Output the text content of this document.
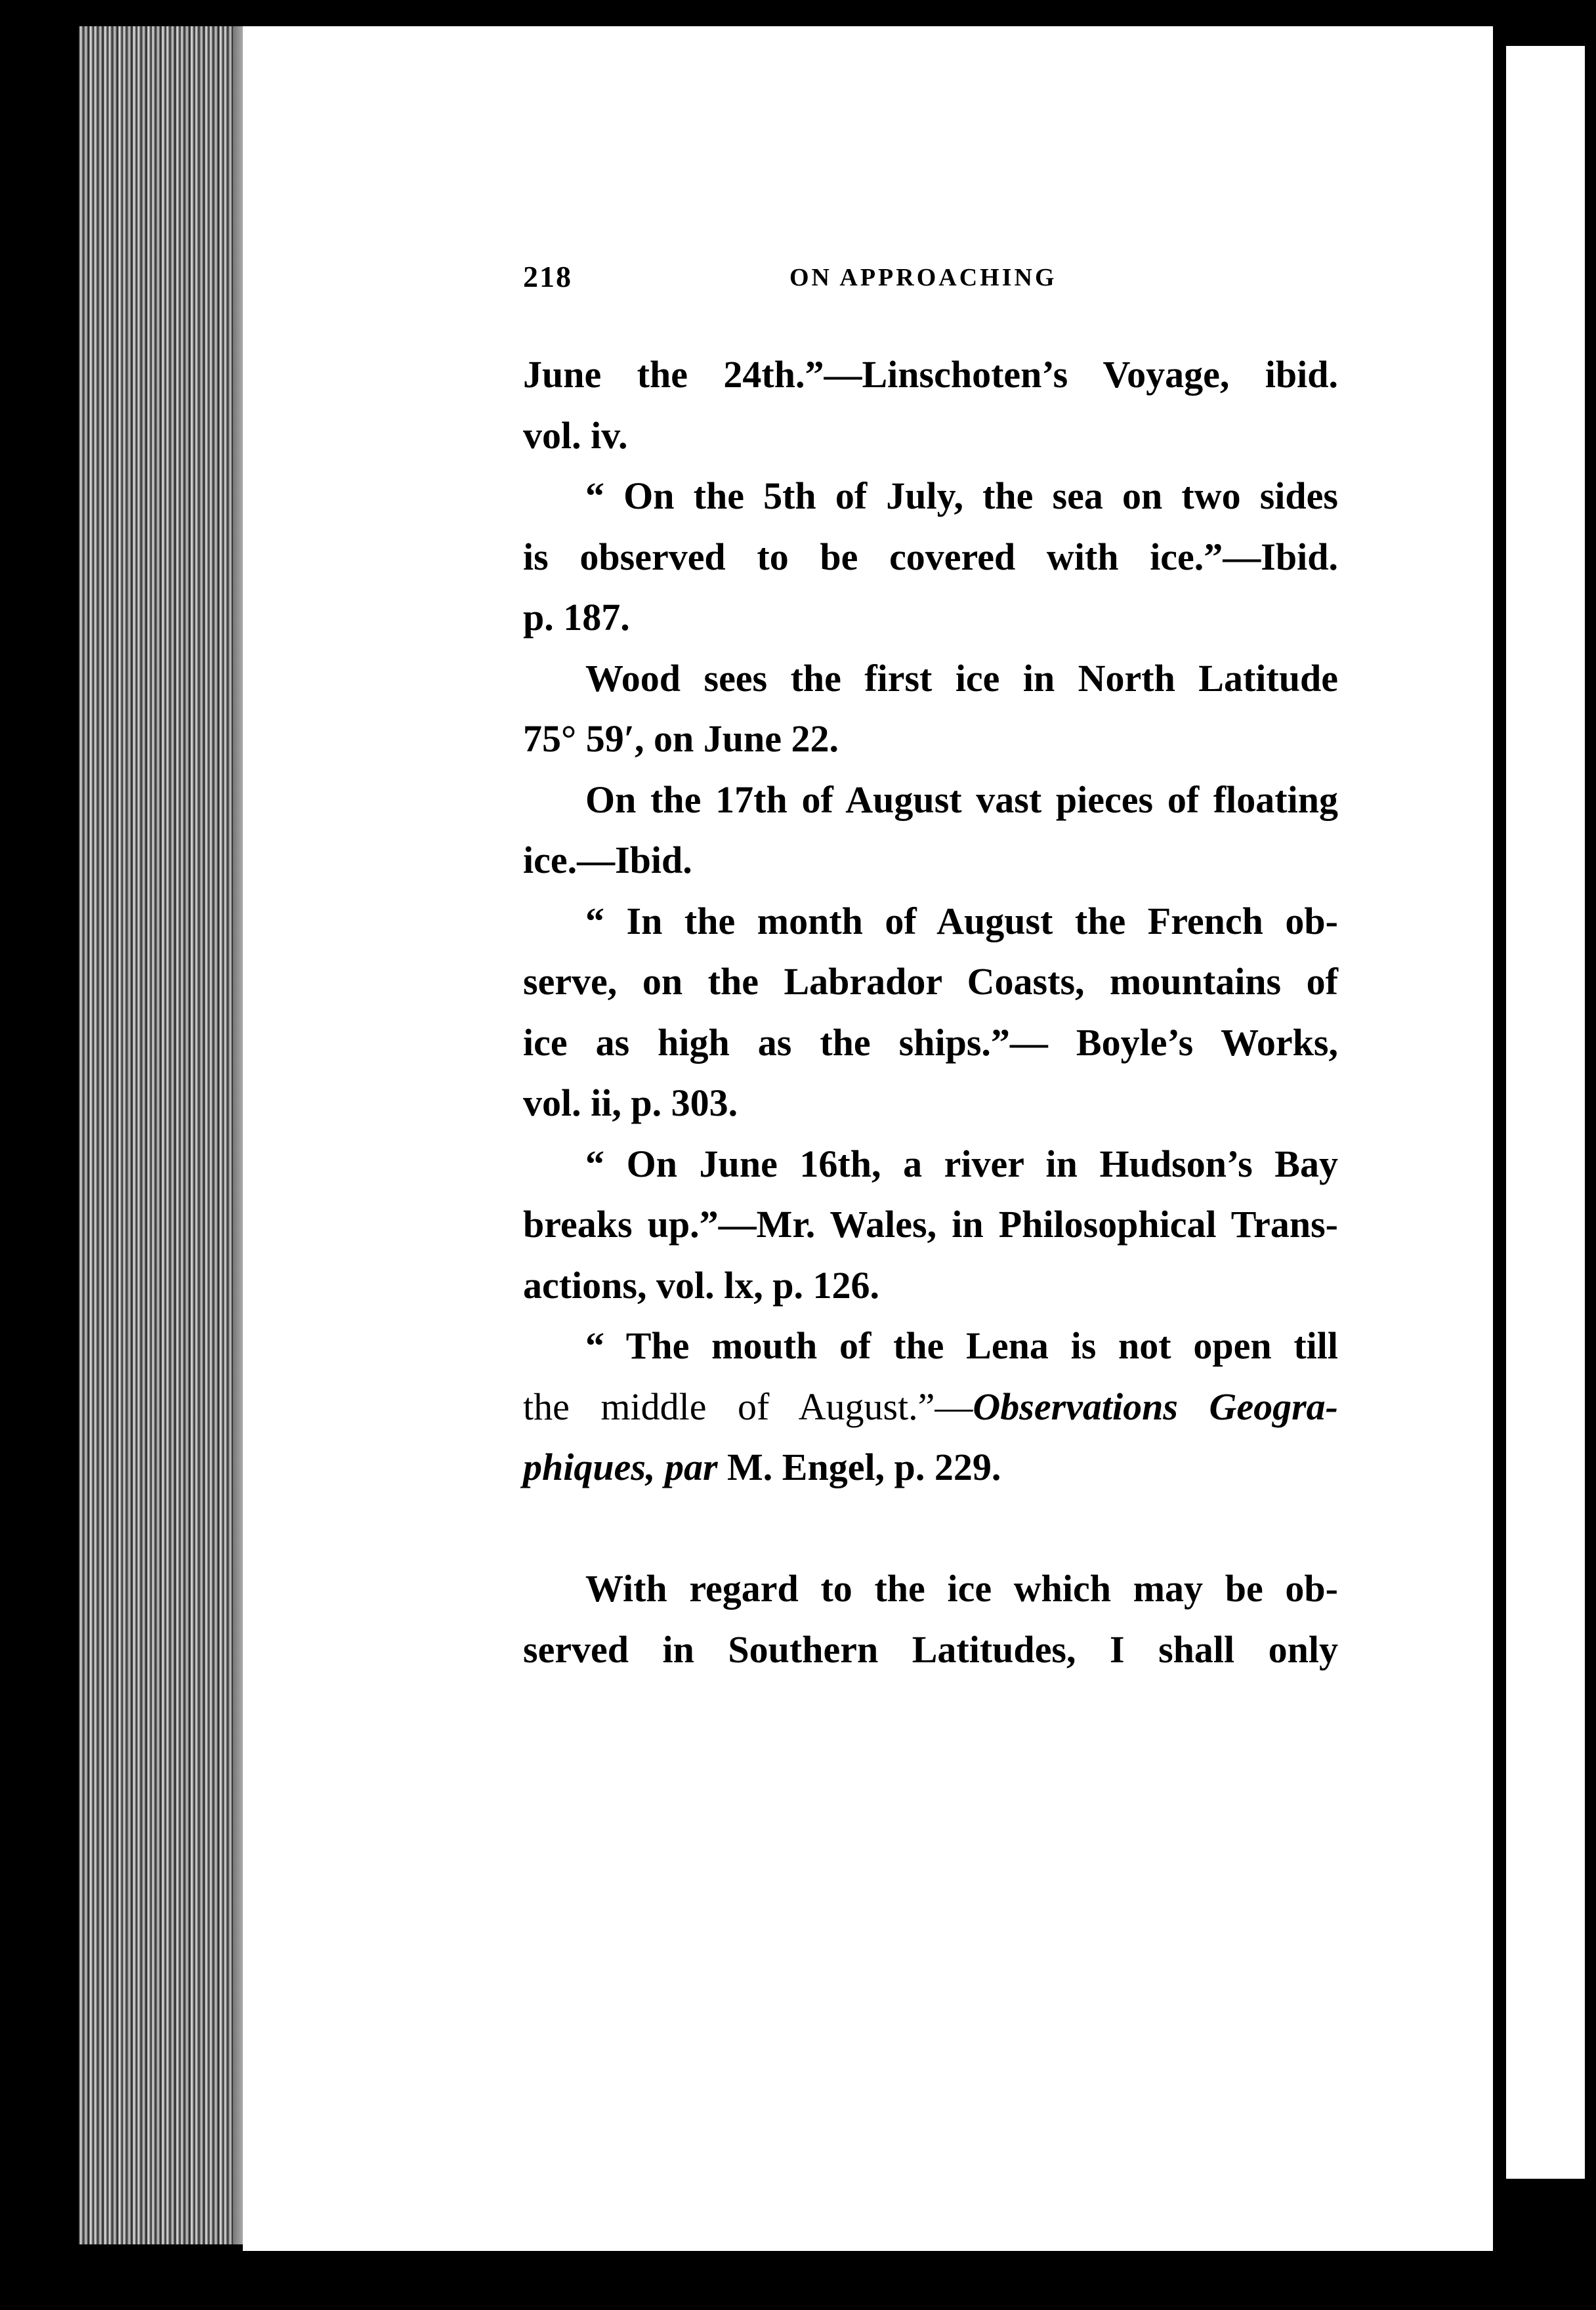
218	ON APPROACHING
June the 24th.”—Linschoten’s Voyage, ibid.
vol. iv.
“ On the 5th of July, the sea on two sides
is observed to be covered with ice.”—Ibid.
p. 187.
Wood sees the first ice in North Latitude
75° 59′, on June 22.
On the 17th of August vast pieces of floating
ice.—Ibid.
“ In the month of August the French ob-
serve, on the Labrador Coasts, mountains of
ice as high as the ships.”— Boyle’s Works,
vol. ii, p. 303.
“ On June 16th, a river in Hudson’s Bay
breaks up.”—Mr. Wales, in Philosophical Trans-
actions, vol. lx, p. 126.
“ The mouth of the Lena is not open till
the middle of August.”—Observations Geogra-
phiques, par M. Engel, p. 229.
With regard to the ice which may be ob-
served in Southern Latitudes, I shall only
